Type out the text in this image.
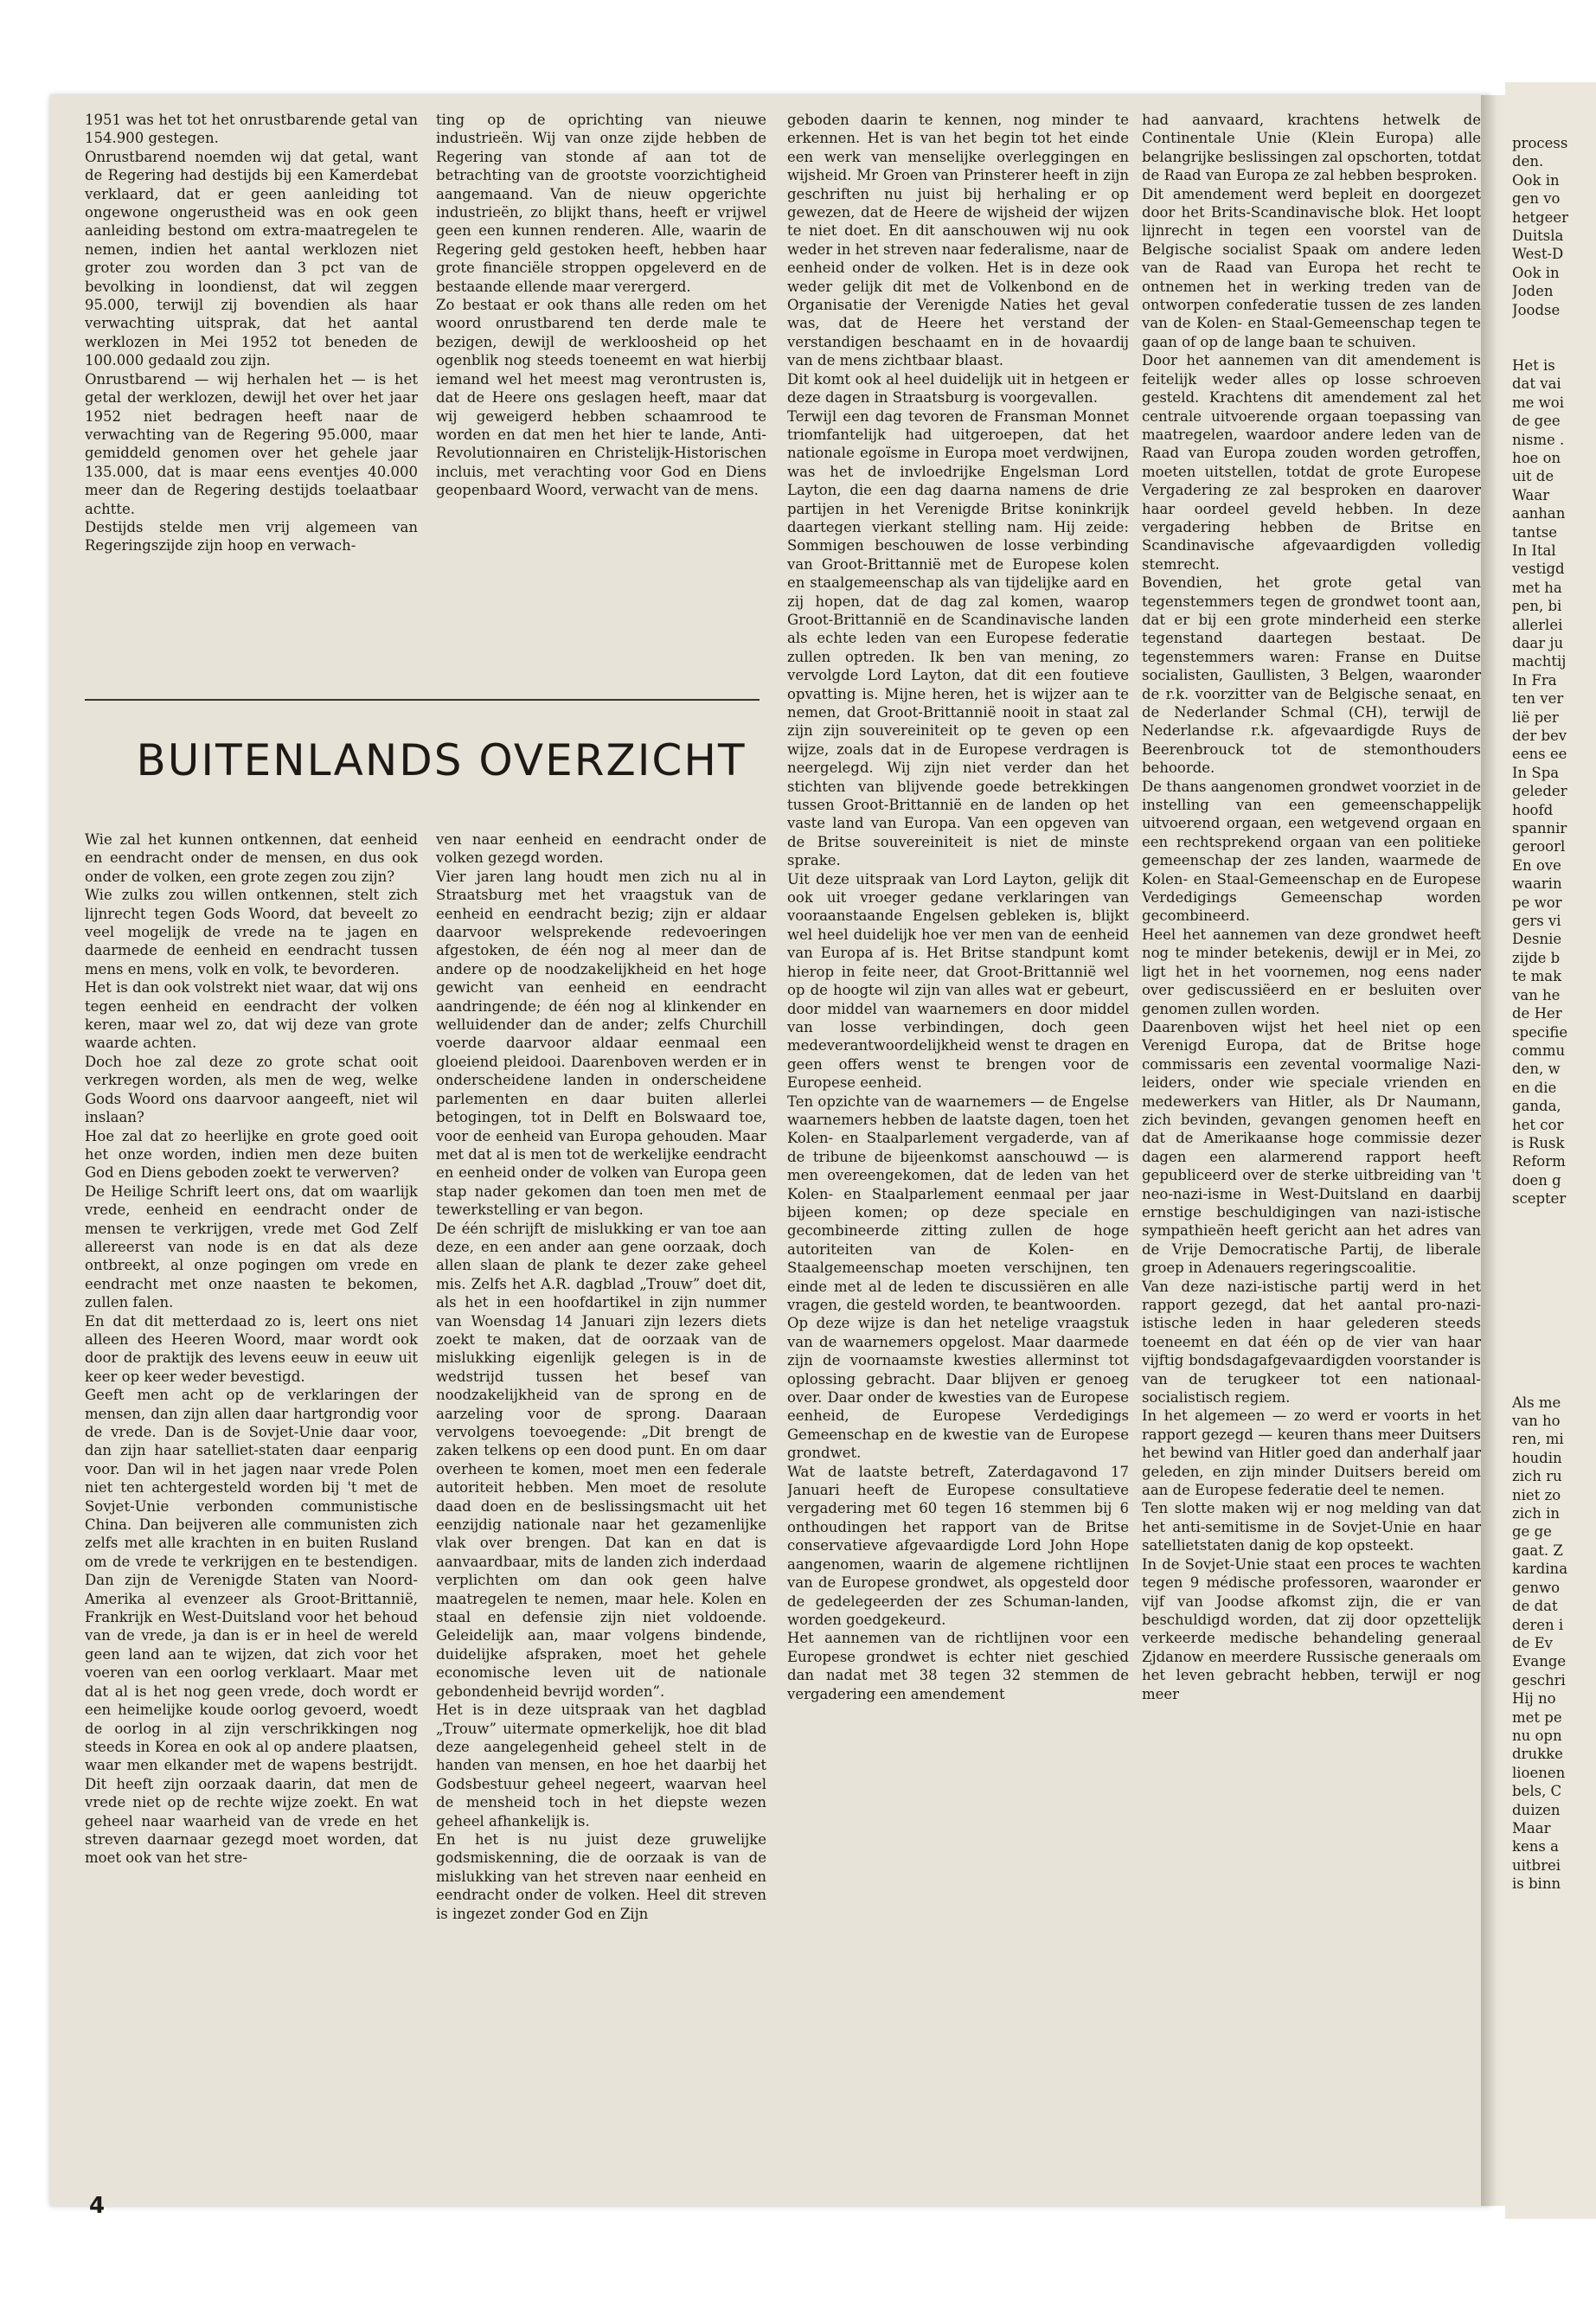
process
den.
Ook in
gen vo
hetgeer
Duitsla
West-D
Ook in
Joden
Joodse

Het is
dat vai
me woi
de gee
nisme .
hoe on
uit de
Waar
aanhan
tantse
In Ital
vestigd
met ha
pen, bi
allerlei
daar ju
machtij
In Fra
ten ver
lië per
der bev
eens ee
In Spa
geleder
hoofd
spannir
geroorl
En ove
waarin
pe wor
gers vi
Desnie
zijde b
te mak
van he
de Her
specifie
commu
den, w
en die
ganda,
het cor
is Rusk
Reform
doen g
scepter

Als me
van ho
ren, mi
houdin
zich ru
niet zo
zich in
ge ge
gaat. Z
kardina
genwo
de dat
deren i
de Ev
Evange
geschri
Hij no
met pe
nu opn
drukke
lioenen
bels, C
duizen
Maar
kens a
uitbrei
is binn

1951 was het tot het onrustbarende getal van 154.900 gestegen.

Onrustbarend noemden wij dat getal, want de Regering had destijds bij een Kamerdebat verklaard, dat er geen aanleiding tot ongewone ongerustheid was en ook geen aanleiding bestond om extra-maatregelen te nemen, indien het aantal werklozen niet groter zou worden dan 3 pct van de bevolking in loondienst, dat wil zeggen 95.000, terwijl zij bovendien als haar verwachting uitsprak, dat het aantal werklozen in Mei 1952 tot beneden de 100.000 gedaald zou zijn.

Onrustbarend — wij herhalen het — is het getal der werklozen, dewijl het over het jaar 1952 niet bedragen heeft naar de verwachting van de Regering 95.000, maar gemiddeld genomen over het gehele jaar 135.000, dat is maar eens eventjes 40.000 meer dan de Regering destijds toelaatbaar achtte.

Destijds stelde men vrij algemeen van Regeringszijde zijn hoop en verwach-

ting op de oprichting van nieuwe industrieën. Wij van onze zijde hebben de Regering van stonde af aan tot de betrachting van de grootste voorzichtigheid aangemaand. Van de nieuw opgerichte industrieën, zo blijkt thans, heeft er vrijwel geen een kunnen renderen. Alle, waarin de Regering geld gestoken heeft, hebben haar grote financiële stroppen opgeleverd en de bestaande ellende maar verergerd.

Zo bestaat er ook thans alle reden om het woord onrustbarend ten derde male te bezigen, dewijl de werkloosheid op het ogenblik nog steeds toeneemt en wat hierbij iemand wel het meest mag verontrusten is, dat de Heere ons geslagen heeft, maar dat wij geweigerd hebben schaamrood te worden en dat men het hier te lande, Anti-Revolutionnairen en Christelijk-Historischen incluis, met verachting voor God en Diens geopenbaard Woord, verwacht van de mens.

BUITENLANDS OVERZICHT

Wie zal het kunnen ontkennen, dat eenheid en eendracht onder de mensen, en dus ook onder de volken, een grote zegen zou zijn?

Wie zulks zou willen ontkennen, stelt zich lijnrecht tegen Gods Woord, dat beveelt zo veel mogelijk de vrede na te jagen en daarmede de eenheid en eendracht tussen mens en mens, volk en volk, te bevorderen.

Het is dan ook volstrekt niet waar, dat wij ons tegen eenheid en eendracht der volken keren, maar wel zo, dat wij deze van grote waarde achten.

Doch hoe zal deze zo grote schat ooit verkregen worden, als men de weg, welke Gods Woord ons daarvoor aangeeft, niet wil inslaan?

Hoe zal dat zo heerlijke en grote goed ooit het onze worden, indien men deze buiten God en Diens geboden zoekt te verwerven?

De Heilige Schrift leert ons, dat om waarlijk vrede, eenheid en eendracht onder de mensen te verkrijgen, vrede met God Zelf allereerst van node is en dat als deze ontbreekt, al onze pogingen om vrede en eendracht met onze naasten te bekomen, zullen falen.

En dat dit metterdaad zo is, leert ons niet alleen des Heeren Woord, maar wordt ook door de praktijk des levens eeuw in eeuw uit keer op keer weder bevestigd.

Geeft men acht op de verklaringen der mensen, dan zijn allen daar hartgrondig voor de vrede. Dan is de Sovjet-Unie daar voor, dan zijn haar satelliet-staten daar eenparig voor. Dan wil in het jagen naar vrede Polen niet ten achtergesteld worden bij 't met de Sovjet-Unie verbonden communistische China. Dan beijveren alle communisten zich zelfs met alle krachten in en buiten Rusland om de vrede te verkrijgen en te bestendigen. Dan zijn de Verenigde Staten van Noord-Amerika al evenzeer als Groot-Brittannië, Frankrijk en West-Duitsland voor het behoud van de vrede, ja dan is er in heel de wereld geen land aan te wijzen, dat zich voor het voeren van een oorlog verklaart. Maar met dat al is het nog geen vrede, doch wordt er een heimelijke koude oorlog gevoerd, woedt de oorlog in al zijn verschrikkingen nog steeds in Korea en ook al op andere plaatsen, waar men elkander met de wapens bestrijdt. Dit heeft zijn oorzaak daarin, dat men de vrede niet op de rechte wijze zoekt. En wat geheel naar waarheid van de vrede en het streven daarnaar gezegd moet worden, dat moet ook van het stre-

ven naar eenheid en eendracht onder de volken gezegd worden.

Vier jaren lang houdt men zich nu al in Straatsburg met het vraagstuk van de eenheid en eendracht bezig; zijn er aldaar daarvoor welsprekende redevoeringen afgestoken, de één nog al meer dan de andere op de noodzakelijkheid en het hoge gewicht van eenheid en eendracht aandringende; de één nog al klinkender en welluidender dan de ander; zelfs Churchill voerde daarvoor aldaar eenmaal een gloeiend pleidooi. Daarenboven werden er in onderscheidene landen in onderscheidene parlementen en daar buiten allerlei betogingen, tot in Delft en Bolswaard toe, voor de eenheid van Europa gehouden. Maar met dat al is men tot de werkelijke eendracht en eenheid onder de volken van Europa geen stap nader gekomen dan toen men met de tewerkstelling er van begon.

De één schrijft de mislukking er van toe aan deze, en een ander aan gene oorzaak, doch allen slaan de plank te dezer zake geheel mis. Zelfs het A.R. dagblad „Trouw” doet dit, als het in een hoofdartikel in zijn nummer van Woensdag 14 Januari zijn lezers diets zoekt te maken, dat de oorzaak van de mislukking eigenlijk gelegen is in de wedstrijd tussen het besef van noodzakelijkheid van de sprong en de aarzeling voor de sprong. Daaraan vervolgens toevoegende: „Dit brengt de zaken telkens op een dood punt. En om daar overheen te komen, moet men een federale autoriteit hebben. Men moet de resolute daad doen en de beslissingsmacht uit het eenzijdig nationale naar het gezamenlijke vlak over brengen. Dat kan en dat is aanvaardbaar, mits de landen zich inderdaad verplichten om dan ook geen halve maatregelen te nemen, maar hele. Kolen en staal en defensie zijn niet voldoende. Geleidelijk aan, maar volgens bindende, duidelijke afspraken, moet het gehele economische leven uit de nationale gebondenheid bevrijd worden”.

Het is in deze uitspraak van het dagblad „Trouw” uitermate opmerkelijk, hoe dit blad deze aangelegenheid geheel stelt in de handen van mensen, en hoe het daarbij het Godsbestuur geheel negeert, waarvan heel de mensheid toch in het diepste wezen geheel afhankelijk is.

En het is nu juist deze gruwelijke godsmiskenning, die de oorzaak is van de mislukking van het streven naar eenheid en eendracht onder de volken. Heel dit streven is ingezet zonder God en Zijn

geboden daarin te kennen, nog minder te erkennen. Het is van het begin tot het einde een werk van menselijke overleggingen en wijsheid. Mr Groen van Prinsterer heeft in zijn geschriften nu juist bij herhaling er op gewezen, dat de Heere de wijsheid der wijzen te niet doet. En dit aanschouwen wij nu ook weder in het streven naar federalisme, naar de eenheid onder de volken. Het is in deze ook weder gelijk dit met de Volkenbond en de Organisatie der Verenigde Naties het geval was, dat de Heere het verstand der verstandigen beschaamt en in de hovaardij van de mens zichtbaar blaast.

Dit komt ook al heel duidelijk uit in hetgeen er deze dagen in Straatsburg is voorgevallen.

Terwijl een dag tevoren de Fransman Monnet triomfantelijk had uitgeroepen, dat het nationale egoïsme in Europa moet verdwijnen, was het de invloedrijke Engelsman Lord Layton, die een dag daarna namens de drie partijen in het Verenigde Britse koninkrijk daartegen vierkant stelling nam. Hij zeide: Sommigen beschouwen de losse verbinding van Groot-Brittannië met de Europese kolen en staalgemeenschap als van tijdelijke aard en zij hopen, dat de dag zal komen, waarop Groot-Brittannië en de Scandinavische landen als echte leden van een Europese federatie zullen optreden. Ik ben van mening, zo vervolgde Lord Layton, dat dit een foutieve opvatting is. Mijne heren, het is wijzer aan te nemen, dat Groot-Brittannië nooit in staat zal zijn zijn souvereiniteit op te geven op een wijze, zoals dat in de Europese verdragen is neergelegd. Wij zijn niet verder dan het stichten van blijvende goede betrekkingen tussen Groot-Brittannië en de landen op het vaste land van Europa. Van een opgeven van de Britse souvereiniteit is niet de minste sprake.

Uit deze uitspraak van Lord Layton, gelijk dit ook uit vroeger gedane verklaringen van vooraanstaande Engelsen gebleken is, blijkt wel heel duidelijk hoe ver men van de eenheid van Europa af is. Het Britse standpunt komt hierop in feite neer, dat Groot-Brittannië wel op de hoogte wil zijn van alles wat er gebeurt, door middel van waarnemers en door middel van losse verbindingen, doch geen medeverantwoordelijkheid wenst te dragen en geen offers wenst te brengen voor de Europese eenheid.

Ten opzichte van de waarnemers — de Engelse waarnemers hebben de laatste dagen, toen het Kolen- en Staalparlement vergaderde, van af de tribune de bijeenkomst aanschouwd — is men overeengekomen, dat de leden van het Kolen- en Staalparlement eenmaal per jaar bijeen komen; op deze speciale en gecombineerde zitting zullen de hoge autoriteiten van de Kolen- en Staalgemeenschap moeten verschijnen, ten einde met al de leden te discussiëren en alle vragen, die gesteld worden, te beantwoorden.

Op deze wijze is dan het netelige vraagstuk van de waarnemers opgelost. Maar daarmede zijn de voornaamste kwesties allerminst tot oplossing gebracht. Daar blijven er genoeg over. Daar onder de kwesties van de Europese eenheid, de Europese Verdedigings Gemeenschap en de kwestie van de Europese grondwet.

Wat de laatste betreft, Zaterdagavond 17 Januari heeft de Europese consultatieve vergadering met 60 tegen 16 stemmen bij 6 onthoudingen het rapport van de Britse conservatieve afgevaardigde Lord John Hope aangenomen, waarin de algemene richtlijnen van de Europese grondwet, als opgesteld door de gedelegeerden der zes Schuman-landen, worden goedgekeurd.

Het aannemen van de richtlijnen voor een Europese grondwet is echter niet geschied dan nadat met 38 tegen 32 stemmen de vergadering een amendement

had aanvaard, krachtens hetwelk de Continentale Unie (Klein Europa) alle belangrijke beslissingen zal opschorten, totdat de Raad van Europa ze zal hebben besproken.

Dit amendement werd bepleit en doorgezet door het Brits-Scandinavische blok. Het loopt lijnrecht in tegen een voorstel van de Belgische socialist Spaak om andere leden van de Raad van Europa het recht te ontnemen het in werking treden van de ontworpen confederatie tussen de zes landen van de Kolen- en Staal-Gemeenschap tegen te gaan of op de lange baan te schuiven.

Door het aannemen van dit amendement is feitelijk weder alles op losse schroeven gesteld. Krachtens dit amendement zal het centrale uitvoerende orgaan toepassing van maatregelen, waardoor andere leden van de Raad van Europa zouden worden getroffen, moeten uitstellen, totdat de grote Europese Vergadering ze zal besproken en daarover haar oordeel geveld hebben. In deze vergadering hebben de Britse en Scandinavische afgevaardigden volledig stemrecht.

Bovendien, het grote getal van tegenstemmers tegen de grondwet toont aan, dat er bij een grote minderheid een sterke tegenstand daartegen bestaat. De tegenstemmers waren: Franse en Duitse socialisten, Gaullisten, 3 Belgen, waaronder de r.k. voorzitter van de Belgische senaat, en de Nederlander Schmal (CH), terwijl de Nederlandse r.k. afgevaardigde Ruys de Beerenbrouck tot de stemonthouders behoorde.

De thans aangenomen grondwet voorziet in de instelling van een gemeenschappelijk uitvoerend orgaan, een wetgevend orgaan en een rechtsprekend orgaan van een politieke gemeenschap der zes landen, waarmede de Kolen- en Staal-Gemeenschap en de Europese Verdedigings Gemeenschap worden gecombineerd.

Heel het aannemen van deze grondwet heeft nog te minder betekenis, dewijl er in Mei, zo ligt het in het voornemen, nog eens nader over gediscussiëerd en er besluiten over genomen zullen worden.

Daarenboven wijst het heel niet op een Verenigd Europa, dat de Britse hoge commissaris een zevental voormalige Nazi-leiders, onder wie speciale vrienden en medewerkers van Hitler, als Dr Naumann, zich bevinden, gevangen genomen heeft en dat de Amerikaanse hoge commissie dezer dagen een alarmerend rapport heeft gepubliceerd over de sterke uitbreiding van 't neo-nazi-isme in West-Duitsland en daarbij ernstige beschuldigingen van nazi-istische sympathieën heeft gericht aan het adres van de Vrije Democratische Partij, de liberale groep in Adenauers regeringscoalitie.

Van deze nazi-istische partij werd in het rapport gezegd, dat het aantal pro-nazi-istische leden in haar gelederen steeds toeneemt en dat één op de vier van haar vijftig bondsdagafgevaardigden voorstander is van de terugkeer tot een nationaal-socialistisch regiem.

In het algemeen — zo werd er voorts in het rapport gezegd — keuren thans meer Duitsers het bewind van Hitler goed dan anderhalf jaar geleden, en zijn minder Duitsers bereid om aan de Europese federatie deel te nemen.

Ten slotte maken wij er nog melding van dat het anti-semitisme in de Sovjet-Unie en haar satellietstaten danig de kop opsteekt.

In de Sovjet-Unie staat een proces te wachten tegen 9 médische professoren, waaronder er vijf van Joodse afkomst zijn, die er van beschuldigd worden, dat zij door opzettelijk verkeerde medische behandeling generaal Zjdanow en meerdere Russische generaals om het leven gebracht hebben, terwijl er nog meer

4
